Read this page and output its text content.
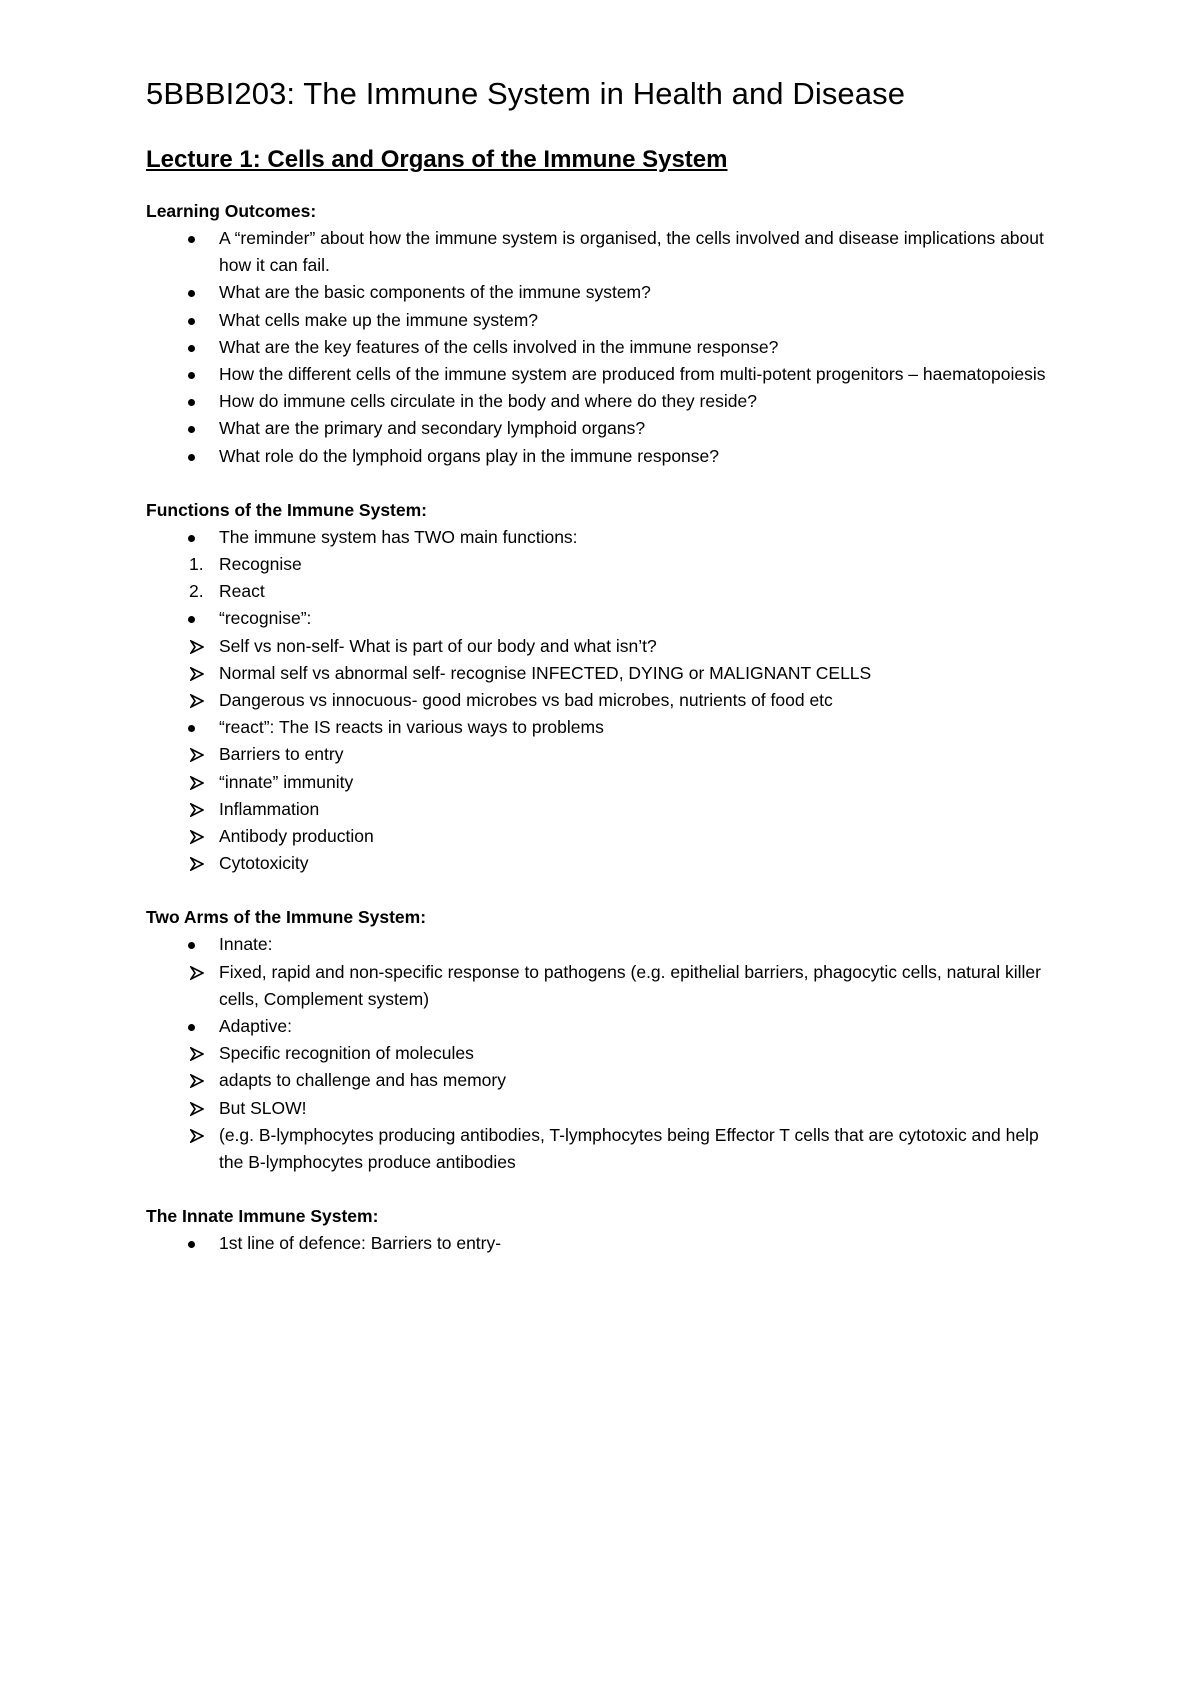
5BBBI203: The Immune System in Health and Disease
Lecture 1: Cells and Organs of the Immune System
Learning Outcomes:
A “reminder” about how the immune system is organised, the cells involved and disease implications about how it can fail.
What are the basic components of the immune system?
What cells make up the immune system?
What are the key features of the cells involved in the immune response?
How the different cells of the immune system are produced from multi-potent progenitors – haematopoiesis
How do immune cells circulate in the body and where do they reside?
What are the primary and secondary lymphoid organs?
What role do the lymphoid organs play in the immune response?
Functions of the Immune System:
The immune system has TWO main functions:
1. Recognise
2. React
“recognise”:
Self vs non-self- What is part of our body and what isn’t?
Normal self vs abnormal self- recognise INFECTED, DYING or MALIGNANT CELLS
Dangerous vs innocuous- good microbes vs bad microbes, nutrients of food etc
“react”: The IS reacts in various ways to problems
Barriers to entry
“innate” immunity
Inflammation
Antibody production
Cytotoxicity
Two Arms of the Immune System:
Innate:
Fixed, rapid and non-specific response to pathogens (e.g. epithelial barriers, phagocytic cells, natural killer cells, Complement system)
Adaptive:
Specific recognition of molecules
adapts to challenge and has memory
But SLOW!
(e.g. B-lymphocytes producing antibodies, T-lymphocytes being Effector T cells that are cytotoxic and help the B-lymphocytes produce antibodies
The Innate Immune System:
1st line of defence: Barriers to entry-
